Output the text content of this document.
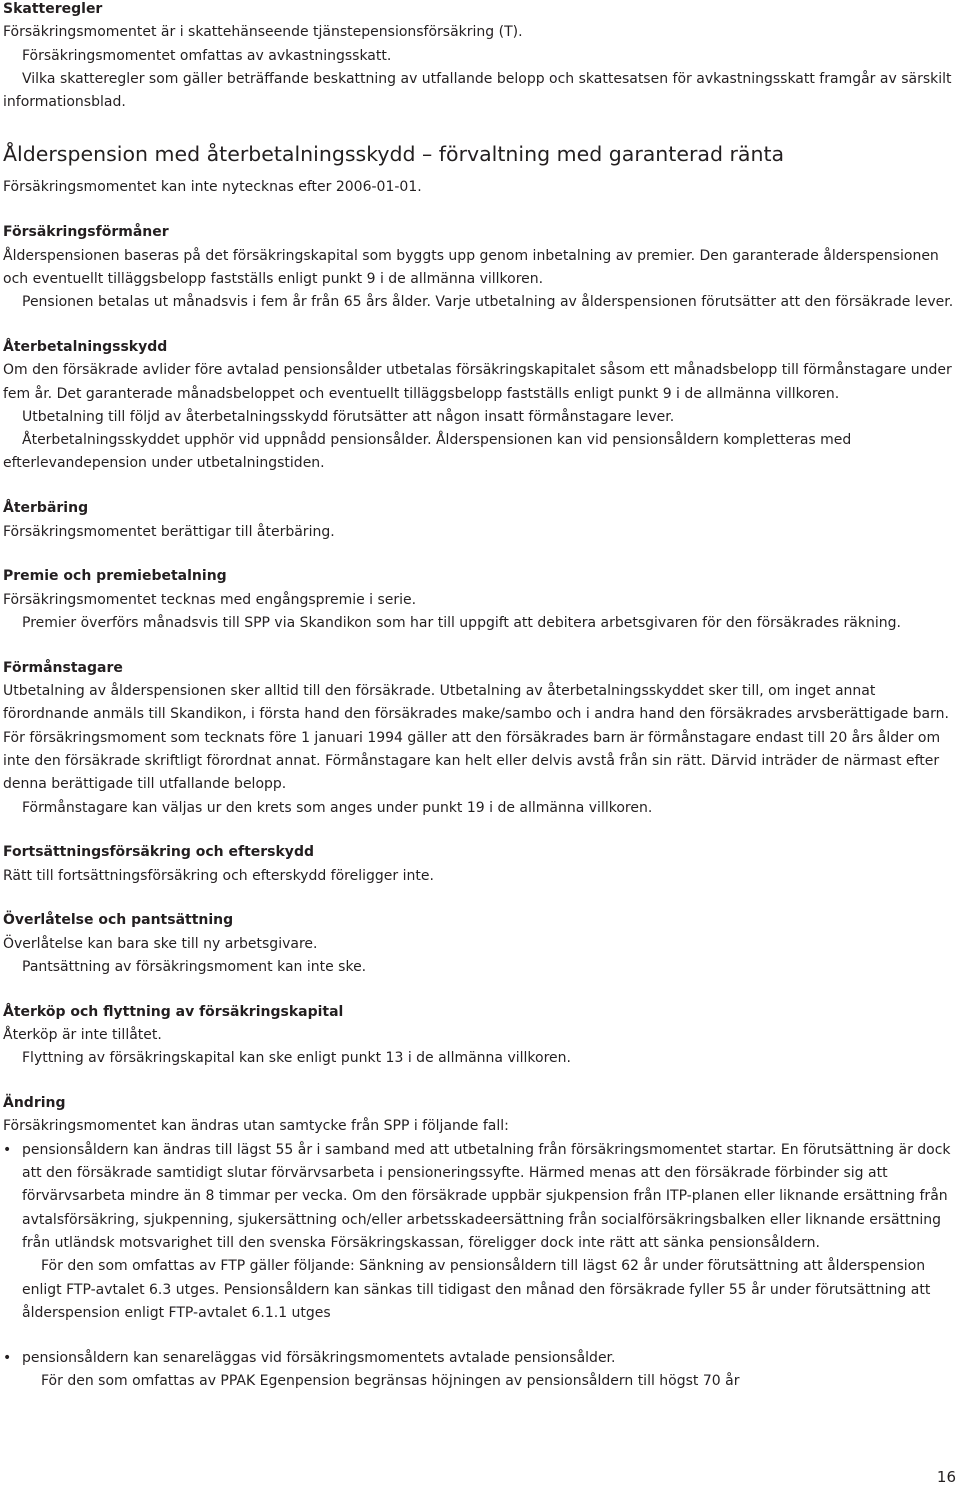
Skatteregler

Försäkringsmomentet är i skattehänseende tjänstepensionsförsäkring (T).

Försäkringsmomentet omfattas av avkastningsskatt.

Vilka skatteregler som gäller beträffande beskattning av utfallande belopp och skattesatsen för avkastningsskatt framgår av särskilt informationsblad.

Ålderspension med återbetalningsskydd – förvaltning med garanterad ränta

Försäkringsmomentet kan inte nytecknas efter 2006-01-01.

Försäkringsförmåner

Ålderspensionen baseras på det försäkringskapital som byggts upp genom inbetalning av premier. Den garanterade ålderspensionen och eventuellt tilläggsbelopp fastställs enligt punkt 9 i de allmänna villkoren.

Pensionen betalas ut månadsvis i fem år från 65 års ålder. Varje utbetalning av ålderspensionen förutsätter att den försäkrade lever.

Återbetalningsskydd

Om den försäkrade avlider före avtalad pensionsålder utbetalas försäkringskapitalet såsom ett månadsbelopp till förmånstagare under fem år. Det garanterade månadsbeloppet och eventuellt tilläggsbelopp fastställs enligt punkt 9 i de allmänna villkoren.

Utbetalning till följd av återbetalningsskydd förutsätter att någon insatt förmånstagare lever.

Återbetalningsskyddet upphör vid uppnådd pensionsålder. Ålderspensionen kan vid pensionsåldern kompletteras med efterlevandepension under utbetalningstiden.

Återbäring

Försäkringsmomentet berättigar till återbäring.

Premie och premiebetalning

Försäkringsmomentet tecknas med engångspremie i serie.

Premier överförs månadsvis till SPP via Skandikon som har till uppgift att debitera arbetsgivaren för den försäkrades räkning.

Förmånstagare

Utbetalning av ålderspensionen sker alltid till den försäkrade. Utbetalning av återbetalningsskyddet sker till, om inget annat förordnande anmäls till Skandikon, i första hand den försäkrades make/sambo och i andra hand den försäkrades arvsberättigade barn.

För försäkringsmoment som tecknats före 1 januari 1994 gäller att den försäkrades barn är förmånstagare endast till 20 års ålder om inte den försäkrade skriftligt förordnat annat. Förmånstagare kan helt eller delvis avstå från sin rätt. Därvid inträder de närmast efter denna berättigade till utfallande belopp.

Förmånstagare kan väljas ur den krets som anges under punkt 19 i de allmänna villkoren.

Fortsättningsförsäkring och efterskydd

Rätt till fortsättningsförsäkring och efterskydd föreligger inte.

Överlåtelse och pantsättning

Överlåtelse kan bara ske till ny arbetsgivare.

Pantsättning av försäkringsmoment kan inte ske.

Återköp och flyttning av försäkringskapital

Återköp är inte tillåtet.

Flyttning av försäkringskapital kan ske enligt punkt 13 i de allmänna villkoren.

Ändring

Försäkringsmomentet kan ändras utan samtycke från SPP i följande fall:

• pensionsåldern kan ändras till lägst 55 år i samband med att utbetalning från försäkringsmomentet startar. En förutsättning är dock att den försäkrade samtidigt slutar förvärvsarbeta i pensioneringssyfte. Härmed menas att den försäkrade förbinder sig att förvärvsarbeta mindre än 8 timmar per vecka. Om den försäkrade uppbär sjukpension från ITP-planen eller liknande ersättning från avtalsförsäkring, sjukpenning, sjukersättning och/eller arbetsskadeersättning från socialförsäkringsbalken eller liknande ersättning från utländsk motsvarighet till den svenska Försäkringskassan, föreligger dock inte rätt att sänka pensionsåldern.

För den som omfattas av FTP gäller följande: Sänkning av pensionsåldern till lägst 62 år under förutsättning att ålderspension enligt FTP-avtalet 6.3 utges. Pensionsåldern kan sänkas till tidigast den månad den försäkrade fyller 55 år under förutsättning att ålderspension enligt FTP-avtalet 6.1.1 utges

• pensionsåldern kan senareläggas vid försäkringsmomentets avtalade pensionsålder.

För den som omfattas av PPAK Egenpension begränsas höjningen av pensionsåldern till högst 70 år

16
